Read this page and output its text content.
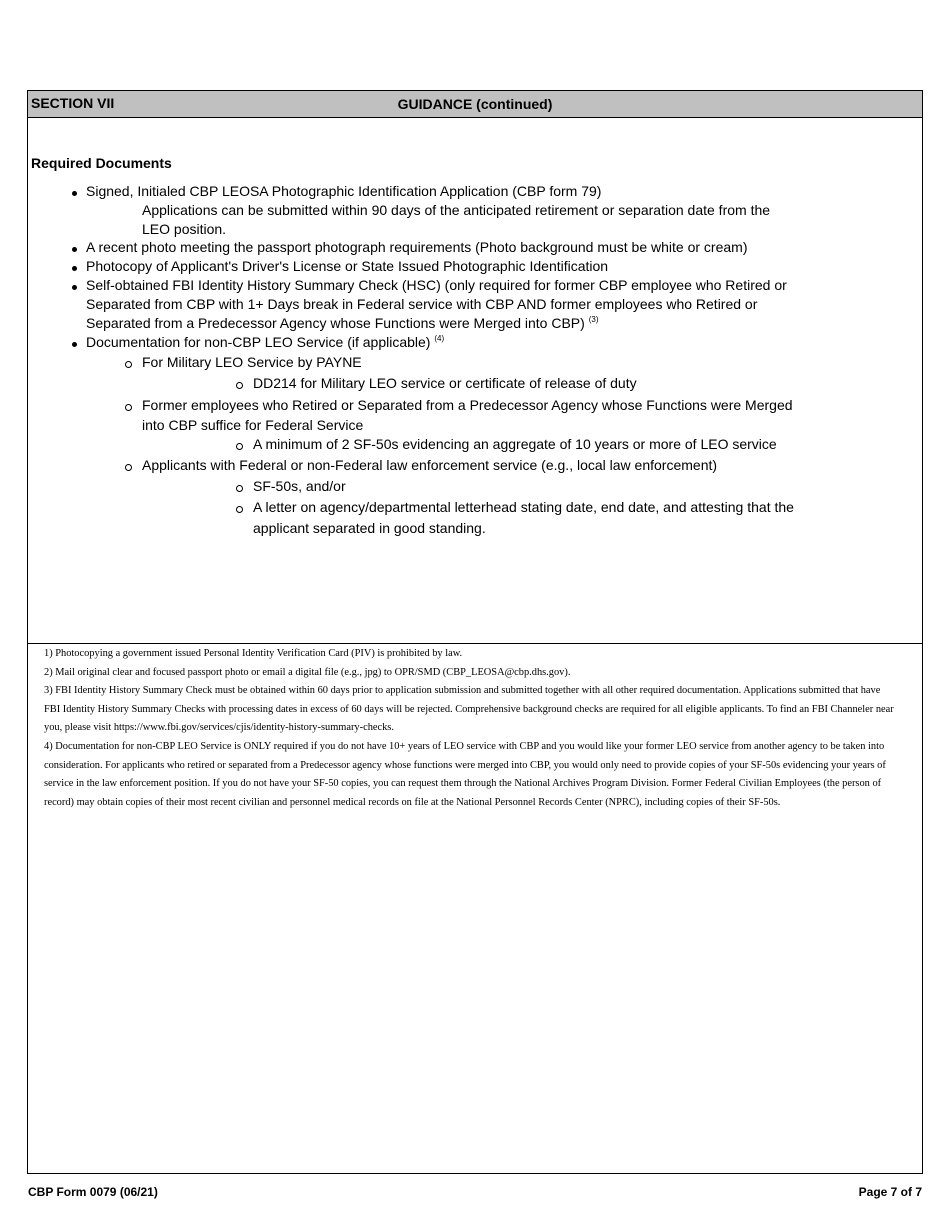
SECTION VII	GUIDANCE (continued)
Required Documents
Signed, Initialed CBP LEOSA Photographic Identification Application (CBP form 79)
Applications can be submitted within 90 days of the anticipated retirement or separation date from the
LEO position.
A recent photo meeting the passport photograph requirements (Photo background must be white or cream)
Photocopy of Applicant's Driver's License or State Issued Photographic Identification
Self-obtained FBI Identity History Summary Check (HSC) (only required for former CBP employee who Retired or
Separated from CBP with 1+ Days break in Federal service with CBP AND former employees who Retired or
Separated from a Predecessor Agency whose Functions were Merged into CBP) $^{(3)}$
Documentation for non-CBP LEO Service (if applicable) $^{(4)}$
For Military LEO Service by PAYNE
DD214 for Military LEO service or certificate of release of duty
Former employees who Retired or Separated from a Predecessor Agency whose Functions were Merged
into CBP suffice for Federal Service
A minimum of 2 SF-50s evidencing an aggregate of 10 years or more of LEO service
Applicants with Federal or non-Federal law enforcement service (e.g., local law enforcement)
SF-50s, and/or
A letter on agency/departmental letterhead stating date, end date, and attesting that the
applicant separated in good standing.

1) Photocopying a government issued Personal Identity Verification Card (PIV) is prohibited by law.

2) Mail original clear and focused passport photo or email a digital file (e.g., jpg) to OPR/SMD (CBP_LEOSA@cbp.dhs.gov).

3) FBI Identity History Summary Check must be obtained within 60 days prior to application submission and submitted together with all other required documentation. Applications submitted that have FBI Identity History Summary Checks with processing dates in excess of 60 days will be rejected. Comprehensive background checks are required for all eligible applicants. To find an FBI Channeler near you, please visit https://www.fbi.gov/services/cjis/identity-history-summary-checks.

4) Documentation for non-CBP LEO Service is ONLY required if you do not have 10+ years of LEO service with CBP and you would like your former LEO service from another agency to be taken into consideration. For applicants who retired or separated from a Predecessor agency whose functions were merged into CBP, you would only need to provide copies of your SF-50s evidencing your years of service in the law enforcement position. If you do not have your SF-50 copies, you can request them through the National Archives Program Division. Former Federal Civilian Employees (the person of record) may obtain copies of their most recent civilian and personnel medical records on file at the National Personnel Records Center (NPRC), including copies of their SF-50s.

CBP Form 0079 (06/21)	Page 7 of 7
